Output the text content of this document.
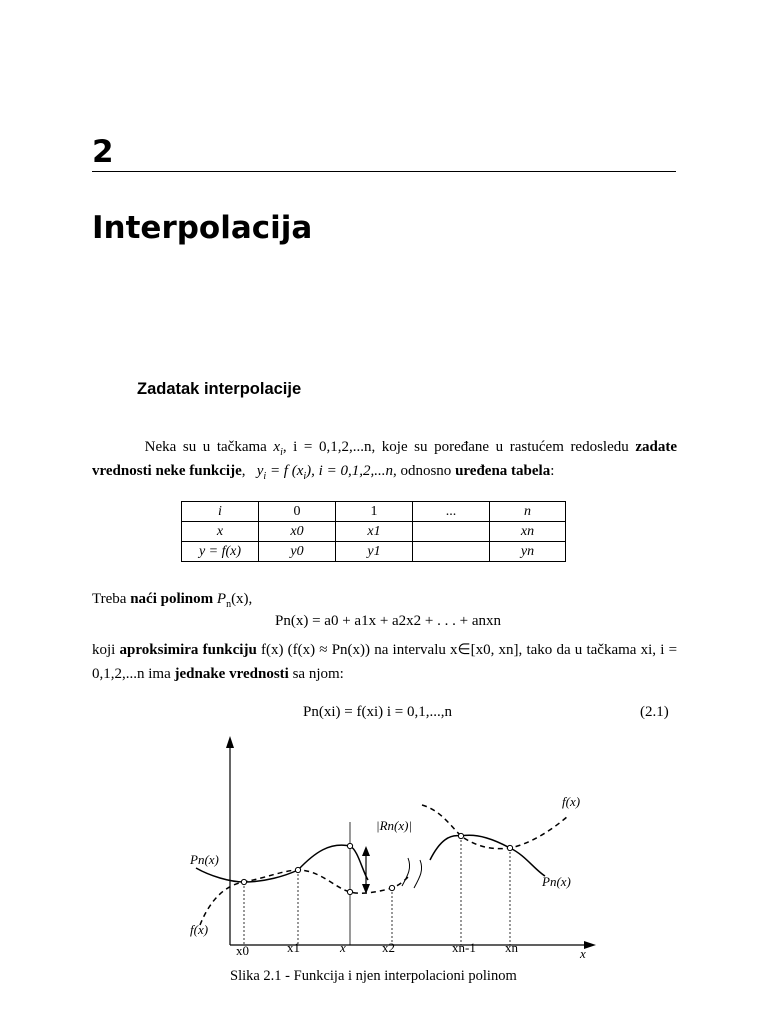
2
Interpolacija
Zadatak interpolacije
Neka su u tačkama $x_i$, i = 0,1,2,...n, koje su poređane u rastućem redosledu zadate vrednosti neke funkcije,   $y_i = f$ $(x_i)$, i = 0,1,2,...n, odnosno uređena tabela:
i	0	1	...	n
x	x0	x1		xn
y = f(x)	y0	y1		yn
Treba naći polinom $P_n(x)$,
Pn(x) = a0 + a1x + a2x2 + . . . + anxn
koji aproksimira funkciju f(x) (f(x) ≈ Pn(x)) na intervalu x∈[x0, xn], tako da u tačkama xi, i = 0,1,2,...n ima jednake vrednosti sa njom:
Pn(xi) = f(xi) i = 0,1,...,n	(2.1)
f(x)
|Rn(x)|
Pn(x)
Pn(x)
f(x)
x
x0	x1	x	x2	xn-1 xn
Slika 2.1 - Funkcija i njen interpolacioni polinom
